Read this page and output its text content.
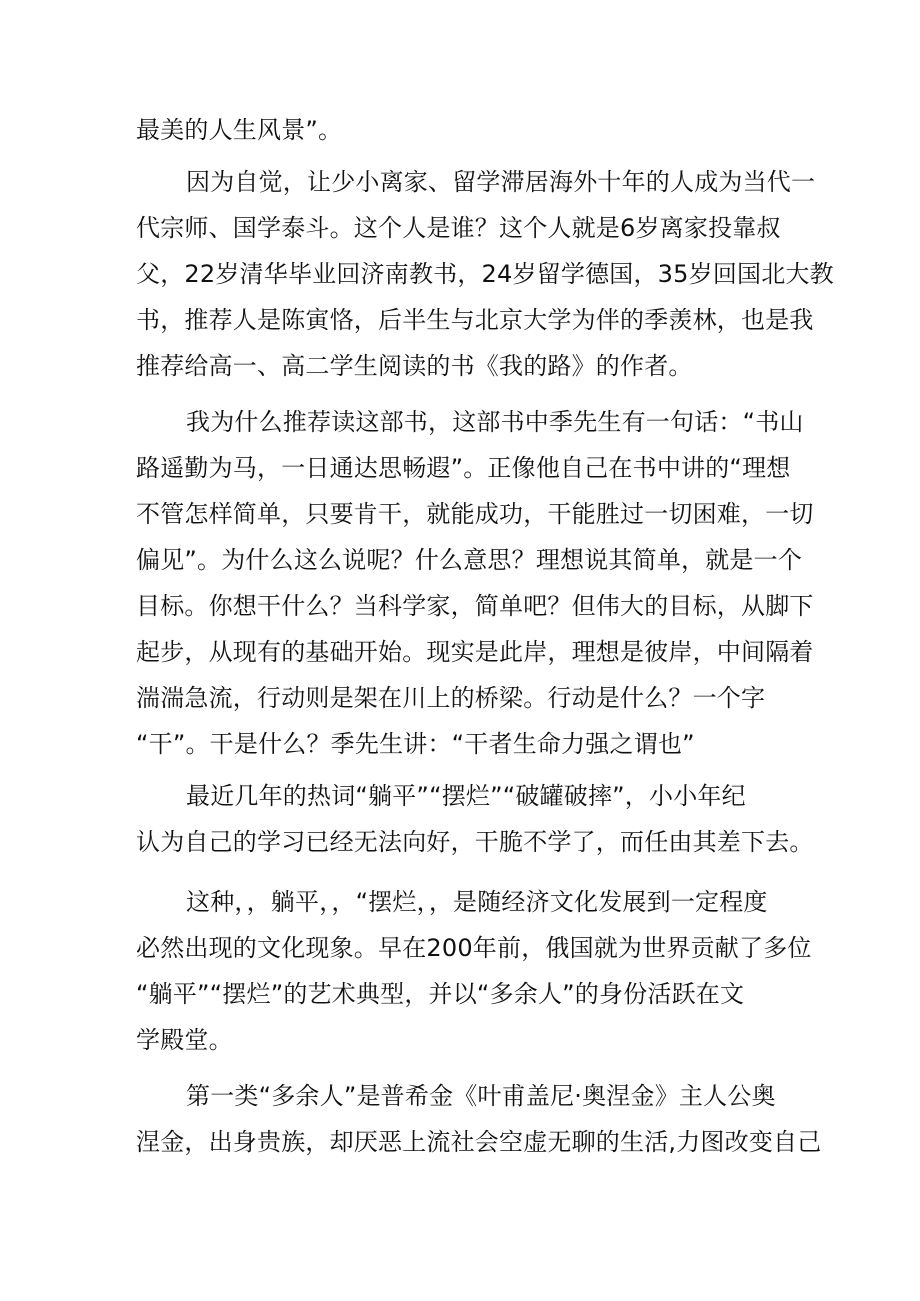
最美的人生风景”。
因为自觉，让少小离家、留学滞居海外十年的人成为当代一
代宗师、国学泰斗。这个人是谁？这个人就是6岁离家投靠叔
父，22岁清华毕业回济南教书，24岁留学德国，35岁回国北大教
书，推荐人是陈寅恪，后半生与北京大学为伴的季羡林，也是我
推荐给高一、高二学生阅读的书《我的路》的作者。
我为什么推荐读这部书，这部书中季先生有一句话：“书山
路遥勤为马，一日通达思畅遐”。正像他自己在书中讲的“理想
不管怎样简单，只要肯干，就能成功，干能胜过一切困难，一切
偏见”。为什么这么说呢？什么意思？理想说其简单，就是一个
目标。你想干什么？当科学家，简单吧？但伟大的目标，从脚下
起步，从现有的基础开始。现实是此岸，理想是彼岸，中间隔着
湍湍急流，行动则是架在川上的桥梁。行动是什么？一个字
“干”。干是什么？季先生讲：“干者生命力强之谓也”
最近几年的热词“躺平”“摆烂”“破罐破摔”，小小年纪
认为自己的学习已经无法向好，干脆不学了，而任由其差下去。
这种，，躺平，，“摆烂，，是随经济文化发展到一定程度
必然出现的文化现象。早在200年前，俄国就为世界贡献了多位
“躺平”“摆烂”的艺术典型，并以“多余人”的身份活跃在文
学殿堂。
第一类“多余人”是普希金《叶甫盖尼·奥涅金》主人公奥
涅金，出身贵族，却厌恶上流社会空虚无聊的生活,力图改变自己
